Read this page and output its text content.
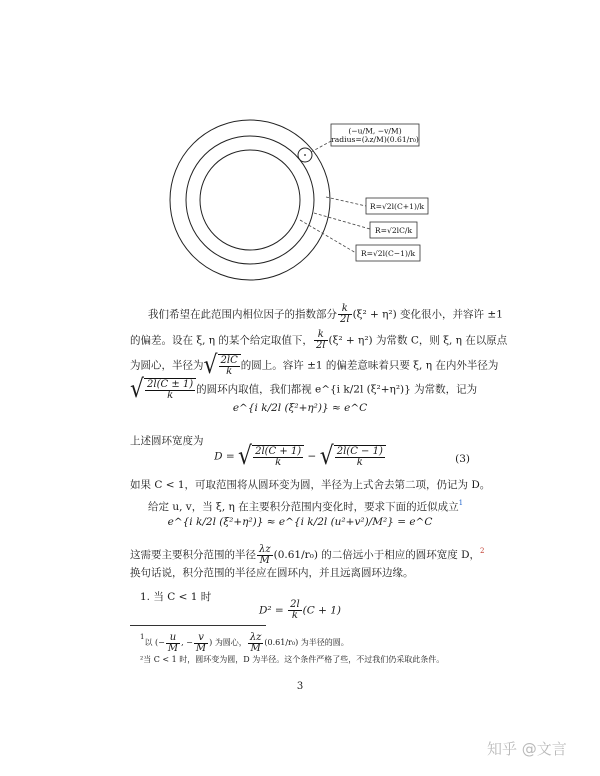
(−u/M, −v/M)
radius=(λz/M)(0.61/r₀)
R=√2l(C+1)/k
R=√2lC/k
R=√2l(C−1)/k
我们希望在此范围内相位因子的指数部分 $\frac{k}{2l} (\xi^2 + \eta^2)$ 变化很小，并容许 ±1
的偏差。设在 ξ, η 的某个给定取值下， $\frac{k}{2l} (\xi^2 + \eta^2)$ 为常数 C，则 ξ, η 在以原点
为圆心，半径为√ $\frac{2lC}{k}$ 的圆上。容许 ±1 的偏差意味着只要 ξ, η 在内外半径为
√ $\frac{2l(C \pm 1)}{k}$ 的圆环内取值，我们都视 e^{i k/2l (ξ²+η²)} 为常数，记为
e^{i k/2l (ξ²+η²)} ≈ e^C
上述圆环宽度为
D = √ $\frac{2l(C + 1)}{k}$ − √ $\frac{2l(C - 1)}{k}$	(3)
如果 C < 1，可取范围将从圆环变为圆，半径为上式舍去第二项，仍记为 D。
给定 u, v，当 ξ, η 在主要积分范围内变化时，要求下面的近似成立$^1$
e^{i k/2l (ξ²+η²)} ≈ e^{i k/2l (u²+v²)/M²} = e^C
这需要主要积分范围的半径 $\frac{\lambda z}{M} (0.61/r_0)$ 的二倍远小于相应的圆环宽度 D，$^2$
换句话说，积分范围的半径应在圆环内，并且远离圆环边缘。
1. 当 C < 1 时
$D^2 = \frac{2l}{k} (C + 1)$
1以 (− $\frac{u}{M}$ , − $\frac{v}{M}$ ) 为圆心， $\frac{\lambda z}{M} (0.61/r_0)$ 为半径的圆。
²当 C < 1 时，圆环变为圆，D 为半径。这个条件严格了些，不过我们仍采取此条件。
3
知乎 @文言
